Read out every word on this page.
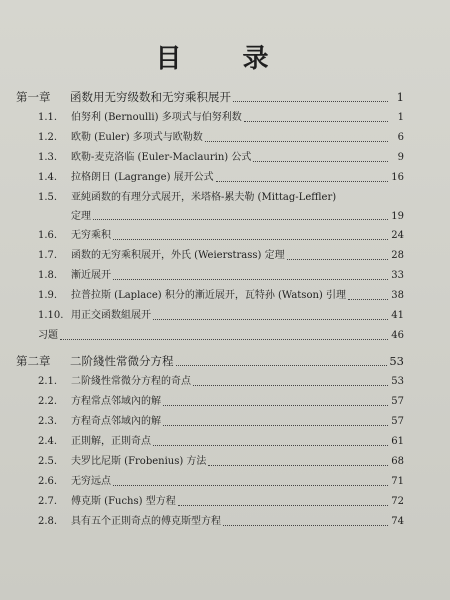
目 录
第一章	函数用无穷级数和无穷乘积展开	1
1.1.	伯努利 (Bernoulli) 多项式与伯努利数	1
1.2.	欧勒 (Euler) 多项式与欧勒数	6
1.3.	欧勒-麦克洛临 (Euler-Maclaurin) 公式	9
1.4.	拉格朗日 (Lagrange) 展开公式	16
1.5.	亚純函数的有理分式展开，米塔格-累夫勒 (Mittag-Leffler)
定理	19
1.6.	无穷乘积	24
1.7.	函数的无穷乘积展开，外氏 (Weierstrass) 定理	28
1.8.	漸近展开	33
1.9.	拉普拉斯 (Laplace) 积分的漸近展开，瓦特孙 (Watson) 引理	38
1.10. 用正交函数組展开	41
习题	46
第二章	二阶綫性常微分方程	53
2.1.	二阶綫性常微分方程的奇点	53
2.2.	方程常点邻域內的解	57
2.3.	方程奇点邻域內的解	57
2.4.	正則解，正則奇点	61
2.5.	夫罗比尼斯 (Frobenius) 方法	68
2.6.	无穷远点	71
2.7.	傅克斯 (Fuchs) 型方程	72
2.8.	具有五个正則奇点的傅克斯型方程	74
